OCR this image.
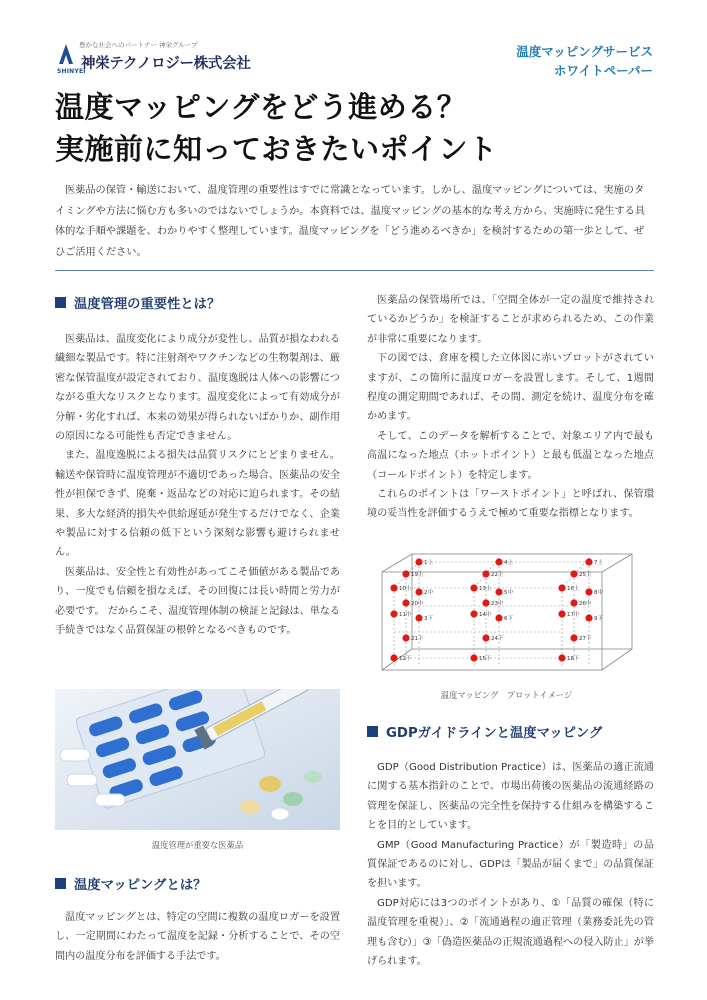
豊かな社会へのパートナー 神栄グループ
神栄テクノロジー株式会社
SHINYEI
温度マッピングサービス
ホワイトペーパー
温度マッピングをどう進める？
実施前に知っておきたいポイント
医薬品の保管・輸送において、温度管理の重要性はすでに常識となっています。しかし、温度マッピングについては、実施のタイミングや方法に悩む方も多いのではないでしょうか。本資料では、温度マッピングの基本的な考え方から、実施時に発生する具体的な手順や課題を、わかりやすく整理しています。温度マッピングを「どう進めるべきか」を検討するための第一歩として、ぜひご活用ください。
温度管理の重要性とは？

医薬品は、温度変化により成分が変性し、品質が損なわれる繊細な製品です。特に注射剤やワクチンなどの生物製剤は、厳密な保管温度が設定されており、温度逸脱は人体への影響につながる重大なリスクとなります。温度変化によって有効成分が分解・劣化すれば、本来の効果が得られないばかりか、副作用の原因になる可能性も否定できません。

また、温度逸脱による損失は品質リスクにとどまりません。輸送や保管時に温度管理が不適切であった場合、医薬品の安全性が担保できず、廃棄・返品などの対応に迫られます。その結果、多大な経済的損失や供給遅延が発生するだけでなく、企業や製品に対する信頼の低下という深刻な影響も避けられません。

医薬品は、安全性と有効性があってこそ価値がある製品であり、一度でも信頼を損なえば、その回復には長い時間と労力が必要です。 だからこそ、温度管理体制の検証と記録は、単なる手続きではなく品質保証の根幹となるべきものです。

温度管理が重要な医薬品
温度マッピングとは？

温度マッピングとは、特定の空間に複数の温度ロガーを設置し、一定期間にわたって温度を記録・分析することで、その空間内の温度分布を評価する手法です。

医薬品の保管場所では、「空間全体が一定の温度で維持されているかどうか」を検証することが求められるため、この作業が非常に重要になります。

下の図では、倉庫を模した立体図に赤いプロットがされていますが、この箇所に温度ロガーを設置します。そして、1週間程度の測定期間であれば、その間、測定を続け、温度分布を確かめます。

そして、このデータを解析することで、対象エリア内で最も高温になった地点（ホットポイント）と最も低温となった地点（コールドポイント）を特定します。

これらのポイントは「ワーストポイント」と呼ばれ、保管環境の妥当性を評価するうえで極めて重要な指標となります。

1上
10上
19上
4上
13上
22上
7上
16上
25上
2中
11中
20中
5中
14中
23中
8中
17中
26中
3下
12下
21下
6下
15下
24下
9下
18下
27下
温度マッピング　プロットイメージ
GDPガイドラインと温度マッピング

GDP（Good Distribution Practice）は、医薬品の適正流通に関する基本指針のことで、市場出荷後の医薬品の流通経路の管理を保証し、医薬品の完全性を保持する仕組みを構築することを目的としています。

GMP（Good Manufacturing Practice）が「製造時」の品質保証であるのに対し、GDPは「製品が届くまで」の品質保証を担います。

GDP対応には3つのポイントがあり、①「品質の確保（特に温度管理を重視）」、②「流通過程の適正管理（業務委託先の管理も含む）」③「偽造医薬品の正規流通過程への侵入防止」が挙げられます。
